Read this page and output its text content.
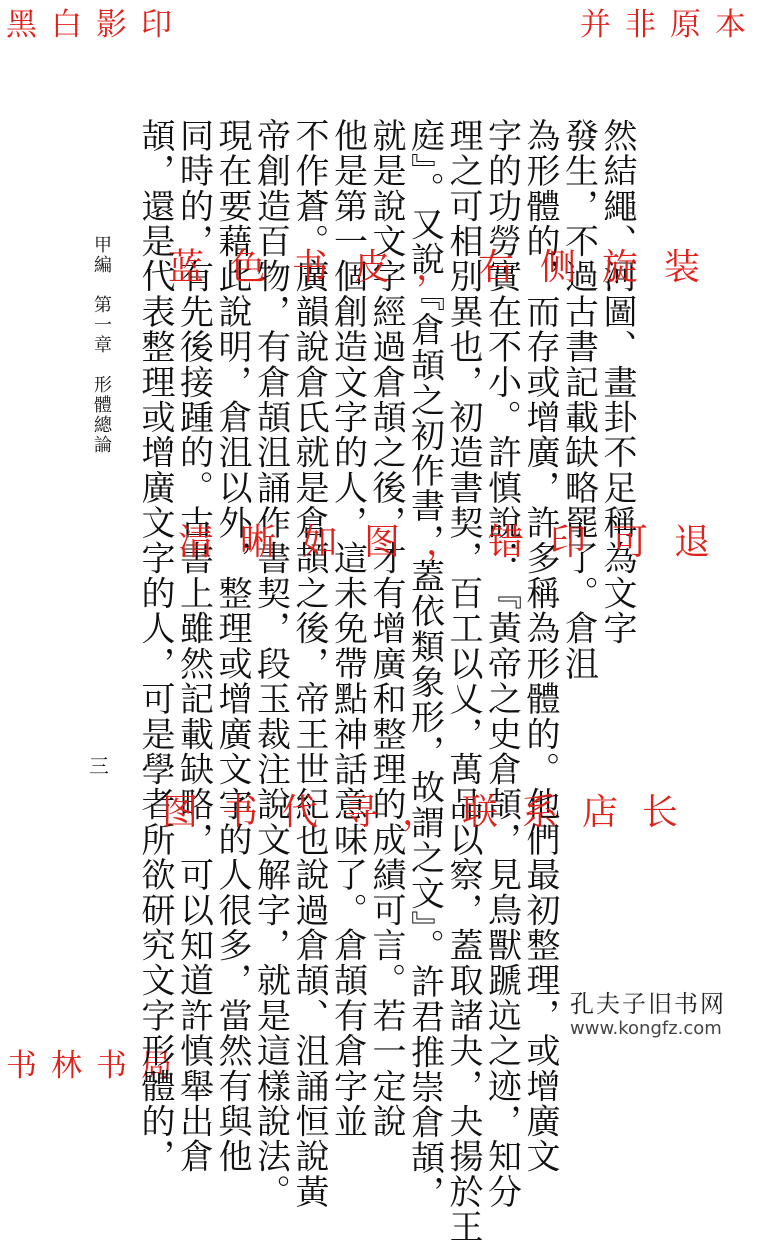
黑白影印	并非原本
书林书局
甲編　第一章　形體總論
三
然結繩、河圖、畫卦不足稱為文字
發生，不過古書記載缺略罷了。倉沮
為形體的，而存或增廣，許多稱為形體的。他們最初整理，或增廣文
字的功勞實在不小。許慎說：『黃帝之史倉頡，見鳥獸蹏迒之迹，知分
理之可相別異也，初造書契，百工以乂，萬品以察，蓋取諸夬，夬揚於王
庭』。又說『倉頡之初作書，蓋依類象形，故謂之文』。許君推崇倉頡，
就是說文字經過倉頡之後，才有增廣和整理的成績可言。若一定說
他是第一個創造文字的人，這未免帶點神話意味了。倉頡有倉字並
不作蒼。廣韻說倉氏就是倉頡之後，帝王世紀也說過倉頡、沮誦恒說黃
帝創造百物，有倉頡沮誦作書契，段玉裁注說文解字，就是這樣說法。
現在要藉此說明，倉沮以外，整理或增廣文字的人很多，當然有與他
同時的，有先後接踵的。古書上雖然記載缺略，可以知道許慎舉出倉
頡，還是代表整理或增廣文字的人，可是學者所欲研究文字形體的，
蓝色书皮，右侧旋装
清晰如图，错印可退
图书代寻，联系店长
孔夫子旧书网
www.kongfz.com
